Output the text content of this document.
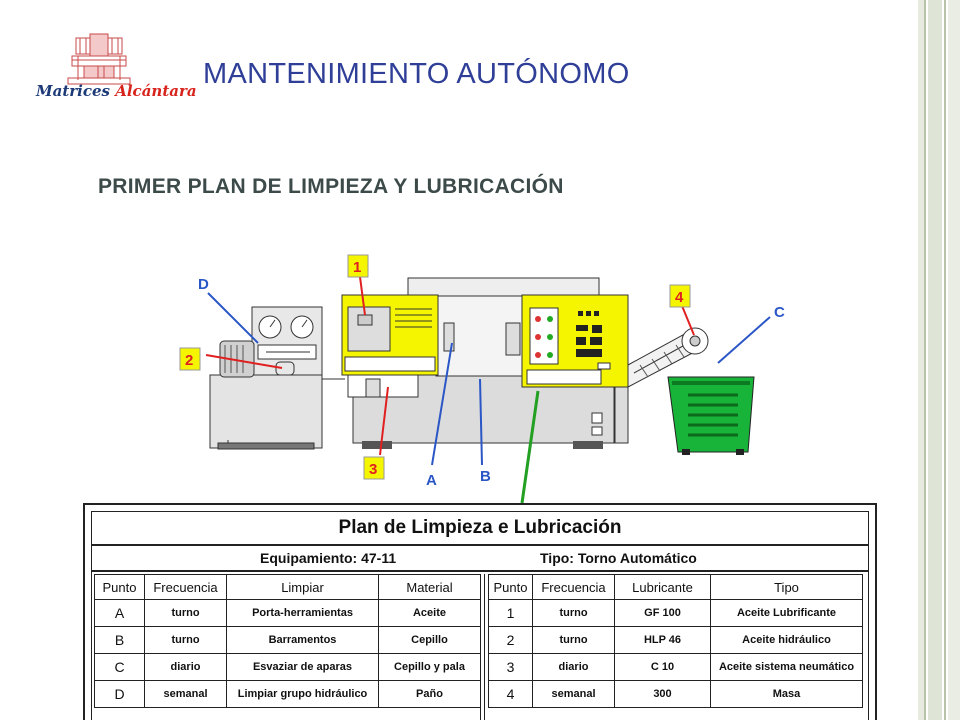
Matrices Alcántara
MANTENIMIENTO AUTÓNOMO
PRIMER PLAN DE LIMPIEZA Y LUBRICACIÓN
D
C
1
2
3
4
A	B
Plan de Limpieza e Lubricación
Equipamiento: 47-11	Tipo: Torno Automático
Punto	Frecuencia	Limpiar	Material
A	turno	Porta-herramientas	Aceite
B	turno	Barramentos	Cepillo
C	diario	Esvaziar de aparas	Cepillo y pala
D	semanal	Limpiar grupo hidráulico	Paño
Punto	Frecuencia	Lubricante	Tipo
1	turno	GF 100	Aceite Lubrificante
2	turno	HLP 46	Aceite hidráulico
3	diario	C 10	Aceite sistema neumático
4	semanal	300	Masa
